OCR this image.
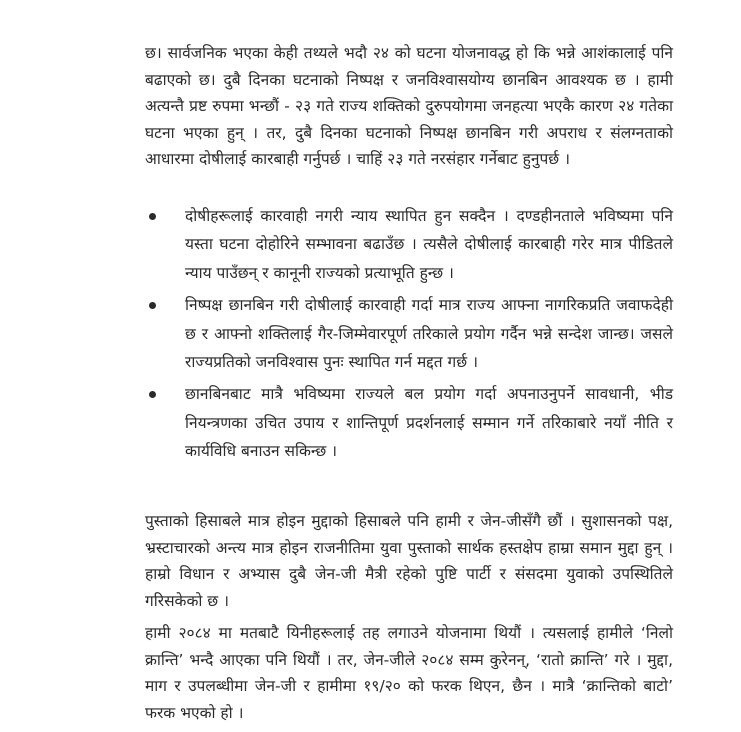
छ। सार्वजनिक भएका केही तथ्यले भदौ २४ को घटना योजनावद्ध हो कि भन्ने आशंकालाई पनि बढाएको छ। दुबै दिनका घटनाको निष्पक्ष र जनविश्वासयोग्य छानबिन आवश्यक छ । हामी अत्यन्तै प्रष्ट रुपमा भन्छौं - २३ गते राज्य शक्तिको दुरुपयोगमा जनहत्या भएकै कारण २४ गतेका घटना भएका हुन् । तर, दुबै दिनका घटनाको निष्पक्ष छानबिन गरी अपराध र संलग्नताको आधारमा दोषीलाई कारबाही गर्नुपर्छ । चाहिं २३ गते नरसंहार गर्नेबाट हुनुपर्छ ।

दोषीहरूलाई कारवाही नगरी न्याय स्थापित हुन सक्दैन । दण्डहीनताले भविष्यमा पनि यस्ता घटना दोहोरिने सम्भावना बढाउँछ । त्यसैले दोषीलाई कारबाही गरेर मात्र पीडितले न्याय पाउँछन् र कानूनी राज्यको प्रत्याभूति हुन्छ ।
निष्पक्ष छानबिन गरी दोषीलाई कारवाही गर्दा मात्र राज्य आफ्ना नागरिकप्रति जवाफदेही छ र आफ्नो शक्तिलाई गैर-जिम्मेवारपूर्ण तरिकाले प्रयोग गर्दैन भन्ने सन्देश जान्छ। जसले राज्यप्रतिको जनविश्वास पुनः स्थापित गर्न मद्दत गर्छ ।
छानबिनबाट मात्रै भविष्यमा राज्यले बल प्रयोग गर्दा अपनाउनुपर्ने सावधानी, भीड नियन्त्रणका उचित उपाय र शान्तिपूर्ण प्रदर्शनलाई सम्मान गर्ने तरिकाबारे नयाँ नीति र कार्यविधि बनाउन सकिन्छ ।

पुस्ताको हिसाबले मात्र होइन मुद्दाको हिसाबले पनि हामी र जेन-जीसँगै छौं । सुशासनको पक्ष, भ्रस्टाचारको अन्त्य मात्र होइन राजनीतिमा युवा पुस्ताको सार्थक हस्तक्षेप हाम्रा समान मुद्दा हुन् । हाम्रो विधान र अभ्यास दुबै जेन-जी मैत्री रहेको पुष्टि पार्टी र संसदमा युवाको उपस्थितिले गरिसकेको छ ।

हामी २०८४ मा मतबाटै यिनीहरूलाई तह लगाउने योजनामा थियौं । त्यसलाई हामीले ‘निलो क्रान्ति’ भन्दै आएका पनि थियौं । तर, जेन-जीले २०८४ सम्म कुरेनन्, ‘रातो क्रान्ति’ गरे । मुद्दा, माग र उपलब्धीमा जेन-जी र हामीमा १९/२० को फरक थिएन, छैन । मात्रै ‘क्रान्तिको बाटो’ फरक भएको हो ।
